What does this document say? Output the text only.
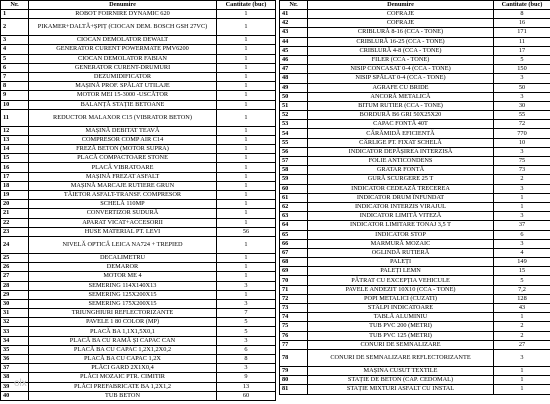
Nr.	Denumire	Cantitate (buc)
1	ROBOT FOIRNIRE DYNAMIC 620	1
2	PIKAMER+DALTĂ+ȘPIȚ (CIOCAN DEM. BOSCH GSH 27VC)	1
3	CIOCAN DEMOLATOR DEWALT	1
4	GENERATOR CURENT POWERMATE PMV6200	1
5	CIOCAN DEMOLATOR FABIAN	1
6	GENERATOR CURENT-DRUMURI	1
7	DEZUMIDIFICATOR	1
8	MAȘINĂ PROF. SPĂLAT UTILAJE	1
9	MOTOR MEI 15-3000 -USCĂTOR	1
10	BALANȚĂ STAȚIE BETOANE	1
11	REDUCTOR MALAXOR C15 (VIBRATOR BETON)	1
12	MAȘINĂ DEBITAT TEAVĂ	1
13	COMPRESOR COMP AIR C14	1
14	FREZĂ BETON (MOTOR SUPRA)	1
15	PLACĂ COMPACTOARE STONE	1
16	PLACĂ VIBRATOARE	1
17	MAȘINĂ FREZAT ASFALT	1
18	MAȘINĂ MARCAJE RUTIERE GRUN	1
19	TĂIETOR ASFALT-TRANSF. COMPRESOR	1
20	SCHELĂ 110MP	1
21	CONVERTIZOR SUDURĂ	1
22	APARAT VICAT+ACCESORII	1
23	HUSE MATERIAL PT. LEVI	56
24	NIVELĂ OPTICĂ LEICA NA724 + TREPIED	1
25	DECALIMETRU	1
26	DEMAROR	1
27	MOTOR ME 4	1
28	SEMERING 114X140X13	3
29	SEMERING 125X200X15	1
30	SEMERING 175X200X15	3
31	TRIUNGHIURI REFLECTORIZANTE	7
32	PAVELE 1 80 COLOR (MP)	5
33	PLACĂ BA 1,1X1,5X0,1	5
34	PLACĂ BA CU RAMĂ ȘI CAPAC CAN	3
35	PLACĂ BA CU CAPAC 1,2X1,2X0,2	6
36	PLACĂ BA CU CAPAC 1,2X	8
37	PLĂCI GARD 2X1X0,4	3
38	PLĂCI MOZAIC PTR. CIMITIR	9
39	PLĂCI PREFABRICATE BA 1,2X1,2	13
40	TUB BETON	60
Nr.	Denumire	Cantitate (buc)
41	COFRAJE	8
42	COFRAJE	16
43	CRIBLURĂ 8-16 (CCA - TONE)	171
44	CRIBLURĂ 16-25 (CCA - TONE)	11
45	CRIBLURĂ 4-8 (CCA - TONE)	17
46	FILER (CCA - TONE)	5
47	NISIP CONCASAT 0-4 (CCA - TONE)	150
48	NISIP SPĂLAT 0-4 (CCA - TONE)	3
49	AGRAFE CU BRIDE	50
50	ANCORĂ METALICĂ	3
51	BITUM RUTIER (CCA - TONE)	30
52	BORDURĂ B6 GRI 50X25X20	55
53	CAPAC FONTĂ 40T	72
54	CĂRĂMIDĂ EFICIENTĂ	770
55	CÂRLIGE PT. FIXAT SCHELĂ	10
56	INDICATOR DEPĂȘIREA INTERZISĂ	3
57	FOLIE ANTICONDENS	75
58	GRATAR FONTĂ	73
59	GURĂ SCURGERE 25 T	2
60	INDICATOR CEDEAZĂ TRECEREA	3
61	INDICATOR DRUM ÎNFUNDAT	1
62	INDICATOR INTERZIS VIRAJUL	1
63	INDICATOR LIMITĂ VITEZĂ	3
64	INDICATOR LIMITARE TONAJ 3,5 T	37
65	INDICATOR STOP	6
66	MARMURĂ MOZAIC	3
67	OGLINDĂ RUTIERĂ	4
68	PALEȚI	149
69	PALEȚI LEMN	15
70	PĂTRAT CU EXCEPȚIA VEHICULE	5
71	PAVELE ANDEZIT 10X10 (CCA - TONE)	7,2
72	POPI METALICI (CUZATI)	128
73	STÂLPI INDICATOARE	43
74	TABLĂ ALUMINIU	1
75	TUB PVC 200 (METRI)	2
76	TUB PVC 125 (METRI)	2
77	CONURI DE SEMNALIZARE	27
78	CONURI DE SEMNALIZARE REFLECTORIZANTE	3
79	MAȘINA CUSUT TEXTILE	1
80	STAȚIE DE BETON (CAP. CEDOMAL)	1
81	STAȚIE MIXTURI ASFALT CU INSTAL	1
olx
